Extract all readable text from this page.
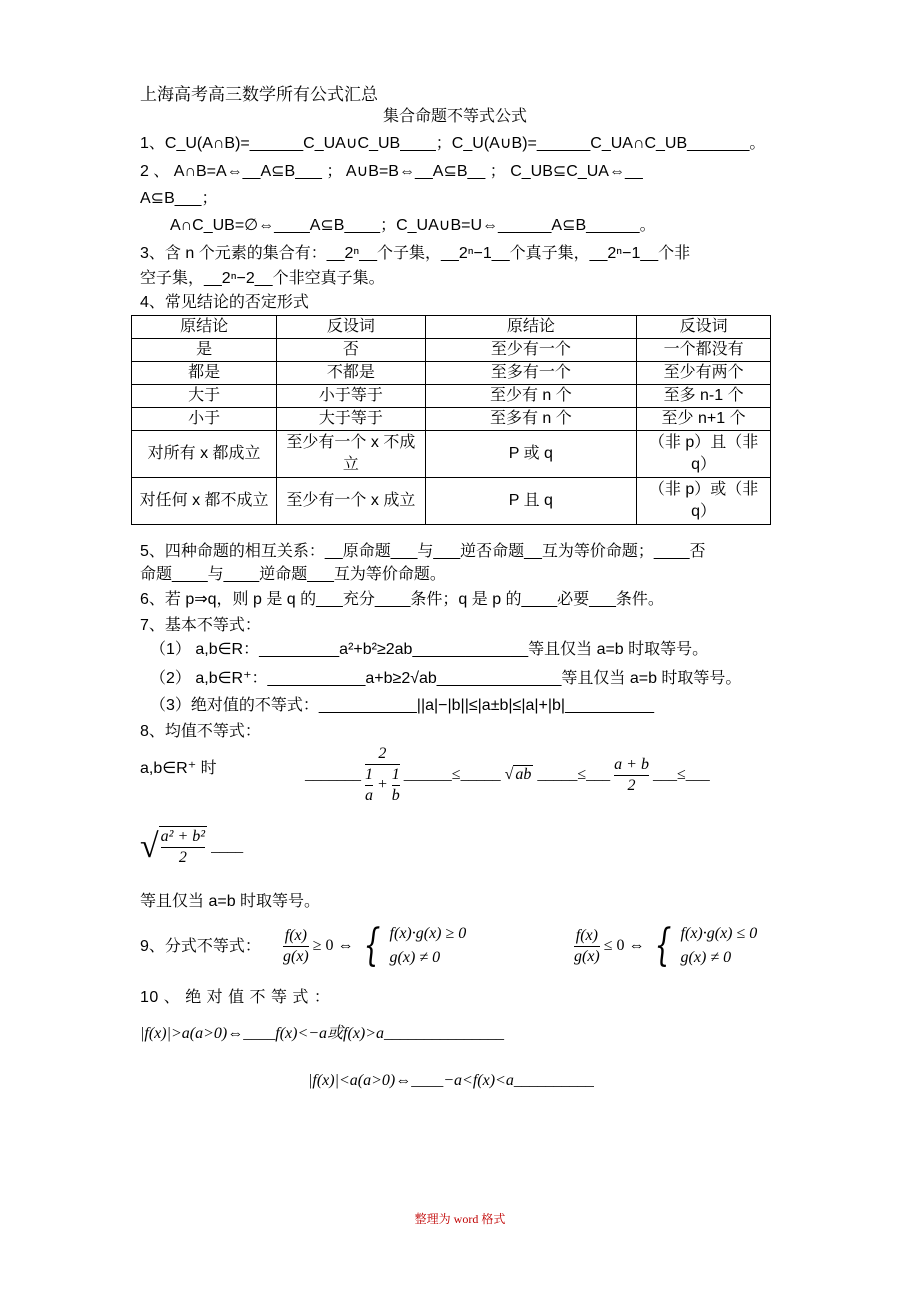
上海高考高三数学所有公式汇总
集合命题不等式公式
1、C_U(A∩B)=______C_UA∪C_UB____；C_U(A∪B)=______C_UA∩C_UB_______。
2 、 A∩B=A⇔__A⊆B___ ； A∪B=B⇔__A⊆B__ ； C_UB⊆C_UA⇔__
A⊆B___；
A∩C_UB=∅⇔____A⊆B____；C_UA∪B=U⇔______A⊆B______。
3、含 n 个元素的集合有：__2ⁿ__个子集，__2ⁿ−1__个真子集，__2ⁿ−1__个非
空子集，__2ⁿ−2__个非空真子集。
4、常见结论的否定形式
原结论	反设词	原结论	反设词
是	否	至少有一个	一个都没有
都是	不都是	至多有一个	至少有两个
大于	小于等于	至少有 n 个	至多 n-1 个
小于	大于等于	至多有 n 个	至少 n+1 个
对所有 x 都成立	至少有一个 x 不成立	P 或 q	（非 p）且（非 q）
对任何 x 都不成立	至少有一个 x 成立	P 且 q	（非 p）或（非 q）
5、四种命题的相互关系：__原命题___与___逆否命题__互为等价命题；____否
命题____与____逆命题___互为等价命题。
6、若 p⇒q，则 p 是 q 的___充分____条件；q 是 p 的____必要___条件。
7、基本不等式：
（1） a,b∈R：_________a²+b²≥2ab_____________等且仅当 a=b 时取等号。
（2） a,b∈R⁺：___________a+b≥2√ab______________等且仅当 a=b 时取等号。
（3）绝对值的不等式：___________||a|−|b||≤|a±b|≤|a|+|b|__________
8、均值不等式：
a,b∈R⁺ 时	_______ $\frac{2}{\frac{1}{a} + \frac{1}{b}}$ ______≤_____ √ ab _____≤___ $\frac{a + b}{2}$ ___≤___
√ $\frac{\text{a² + b²}}{2}$ ____
等且仅当 a=b 时取等号。
9、分式不等式： $\frac{f(x)}{g(x)} \ge 0$ ⇔ { f(x)·g(x) ≥ 0
g(x) ≠ 0	$\frac{f(x)}{g(x)} \le 0$ ⇔ { f(x)·g(x) ≤ 0
g(x) ≠ 0
10 、 绝 对 值 不 等 式 ：
|f(x)|>a(a>0)⇔____f(x)<−a或f(x)>a_______________
|f(x)|<a(a>0)⇔____−a<f(x)<a__________
整理为 word 格式
